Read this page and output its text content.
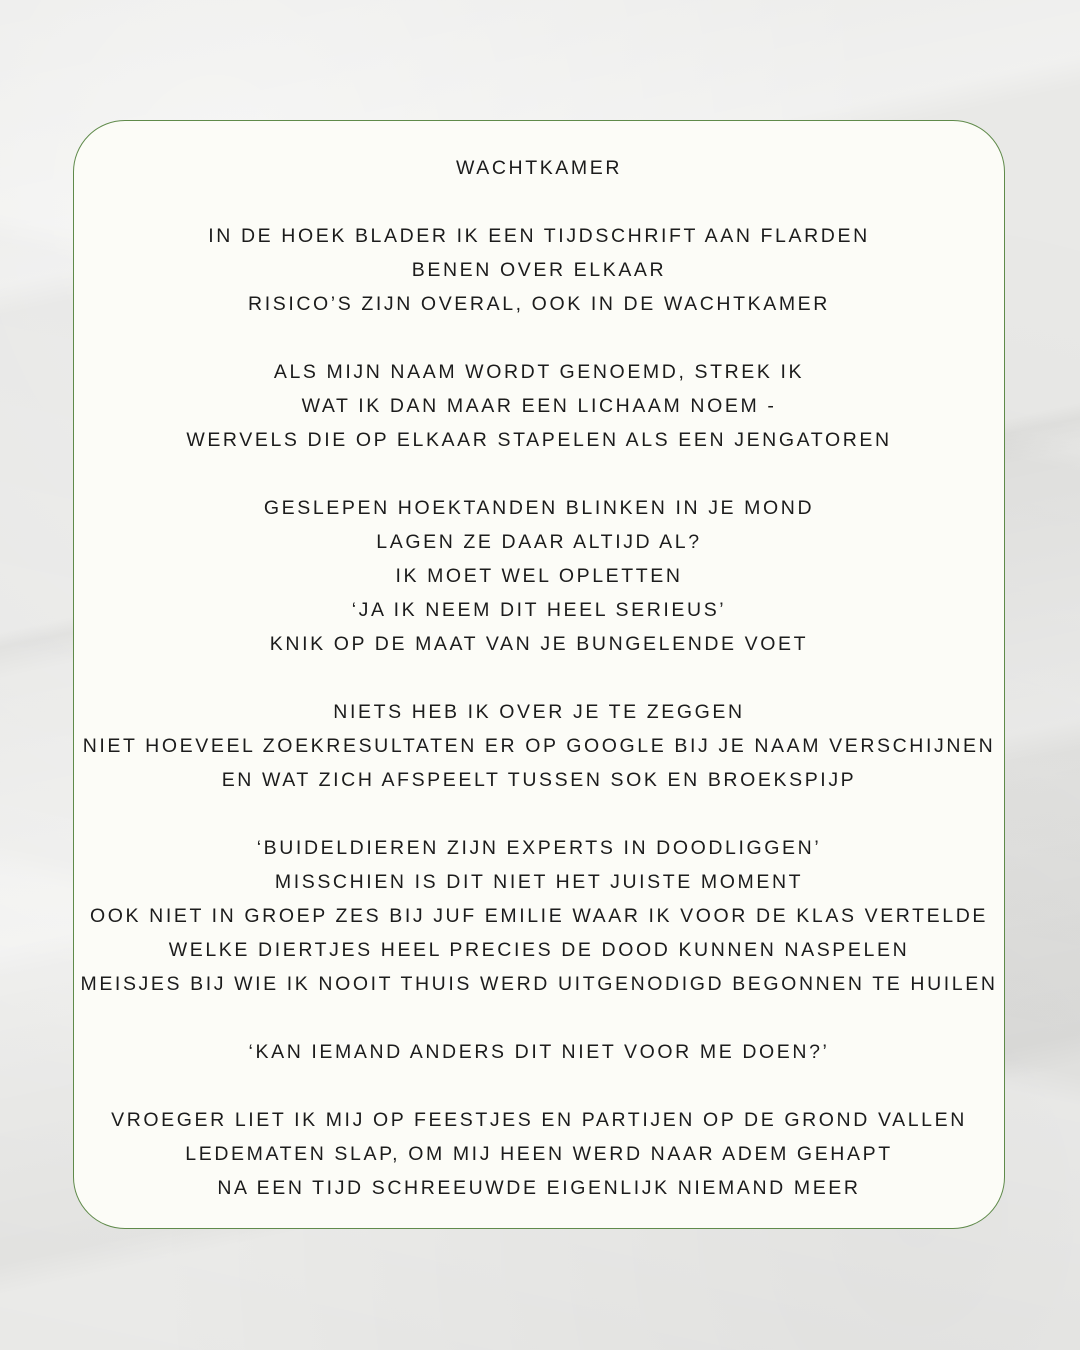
WACHTKAMER
IN DE HOEK BLADER IK EEN TIJDSCHRIFT AAN FLARDEN
BENEN OVER ELKAAR
RISICO’S ZIJN OVERAL, OOK IN DE WACHTKAMER
ALS MIJN NAAM WORDT GENOEMD, STREK IK
WAT IK DAN MAAR EEN LICHAAM NOEM -
WERVELS DIE OP ELKAAR STAPELEN ALS EEN JENGATOREN
GESLEPEN HOEKTANDEN BLINKEN IN JE MOND
LAGEN ZE DAAR ALTIJD AL?
IK MOET WEL OPLETTEN
‘JA IK NEEM DIT HEEL SERIEUS’
KNIK OP DE MAAT VAN JE BUNGELENDE VOET
NIETS HEB IK OVER JE TE ZEGGEN
NIET HOEVEEL ZOEKRESULTATEN ER OP GOOGLE BIJ JE NAAM VERSCHIJNEN
EN WAT ZICH AFSPEELT TUSSEN SOK EN BROEKSPIJP
‘BUIDELDIEREN ZIJN EXPERTS IN DOODLIGGEN’
MISSCHIEN IS DIT NIET HET JUISTE MOMENT
OOK NIET IN GROEP ZES BIJ JUF EMILIE WAAR IK VOOR DE KLAS VERTELDE
WELKE DIERTJES HEEL PRECIES DE DOOD KUNNEN NASPELEN
MEISJES BIJ WIE IK NOOIT THUIS WERD UITGENODIGD BEGONNEN TE HUILEN
‘KAN IEMAND ANDERS DIT NIET VOOR ME DOEN?’
VROEGER LIET IK MIJ OP FEESTJES EN PARTIJEN OP DE GROND VALLEN
LEDEMATEN SLAP, OM MIJ HEEN WERD NAAR ADEM GEHAPT
NA EEN TIJD SCHREEUWDE EIGENLIJK NIEMAND MEER
